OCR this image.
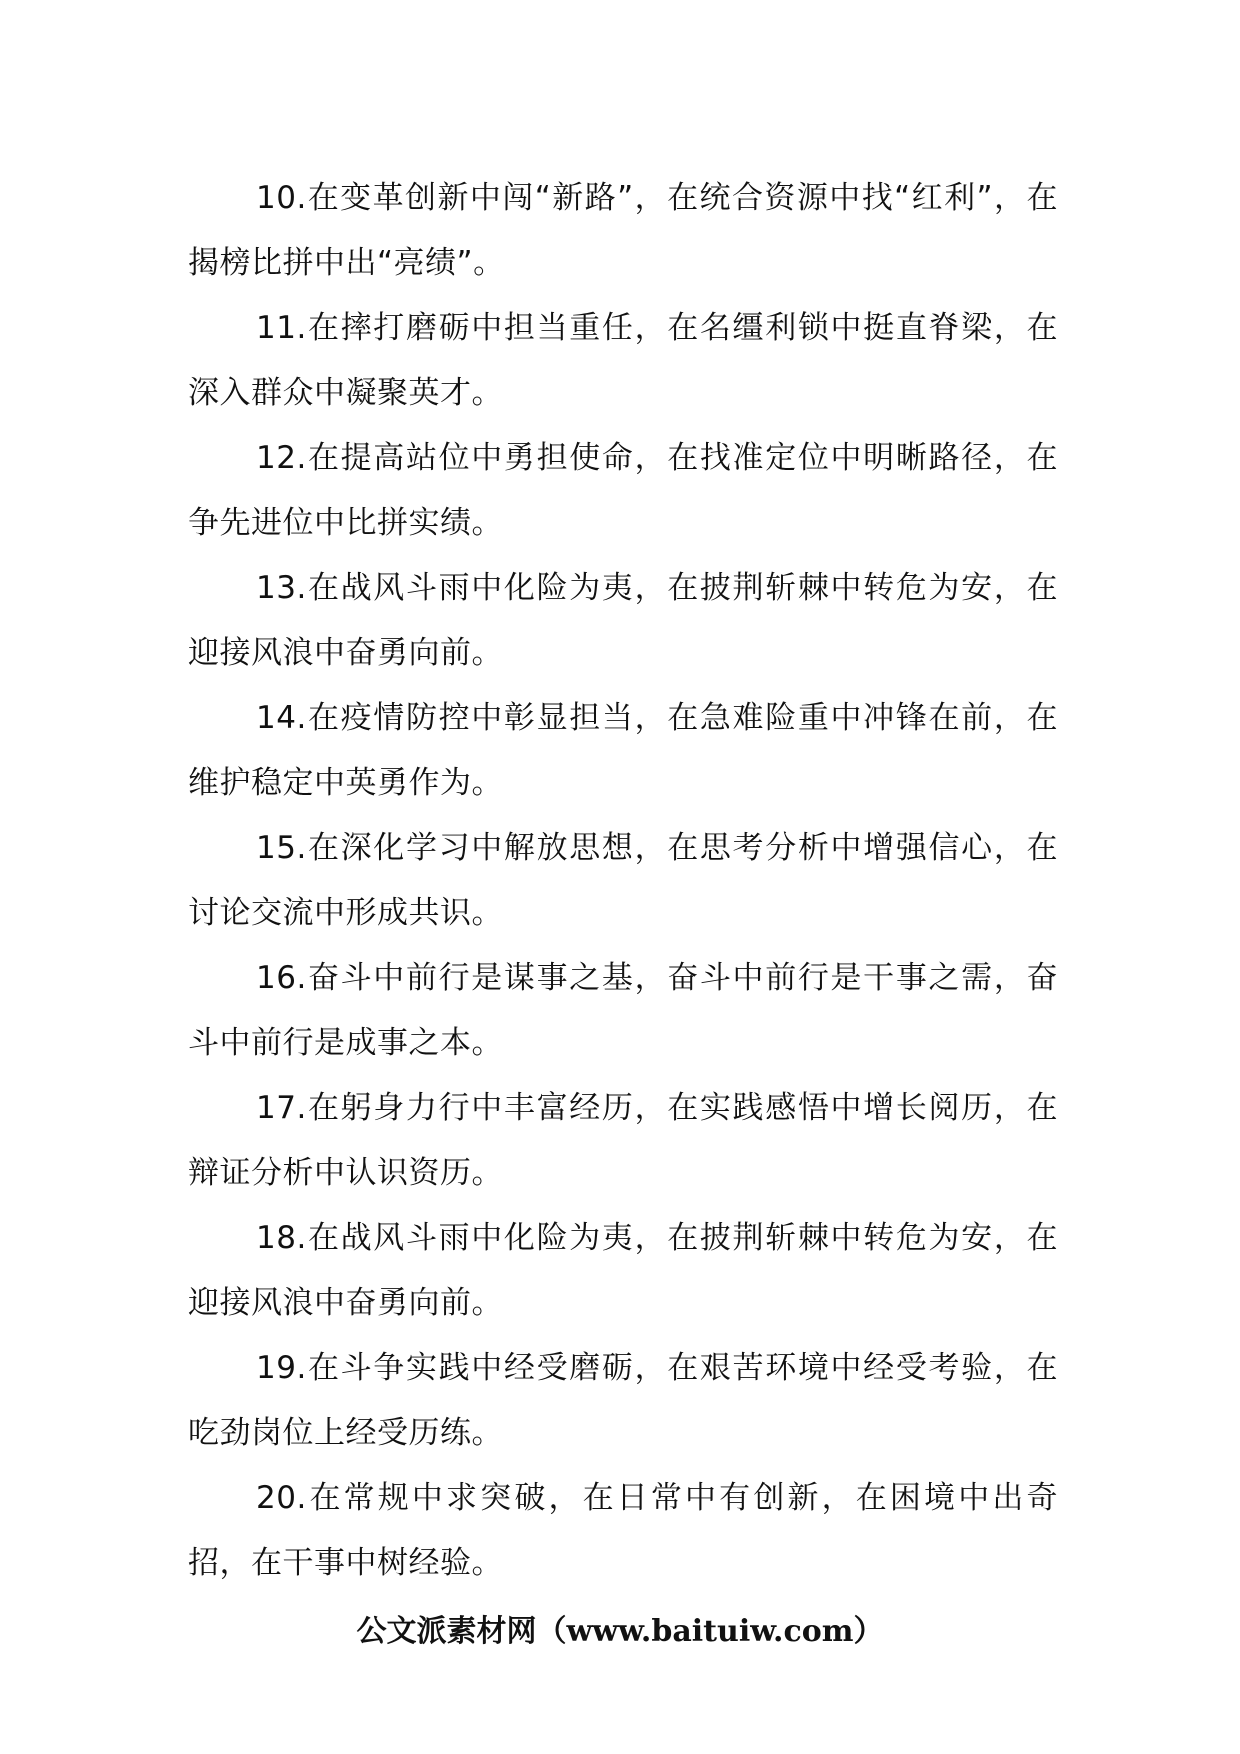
10.在变革创新中闯“新路”，在统合资源中找“红利”，在揭榜比拼中出“亮绩”。

11.在摔打磨砺中担当重任，在名缰利锁中挺直脊梁，在深入群众中凝聚英才。

12.在提高站位中勇担使命，在找准定位中明晰路径，在争先进位中比拼实绩。

13.在战风斗雨中化险为夷，在披荆斩棘中转危为安，在迎接风浪中奋勇向前。

14.在疫情防控中彰显担当，在急难险重中冲锋在前，在维护稳定中英勇作为。

15.在深化学习中解放思想，在思考分析中增强信心，在讨论交流中形成共识。

16.奋斗中前行是谋事之基，奋斗中前行是干事之需，奋斗中前行是成事之本。

17.在躬身力行中丰富经历，在实践感悟中增长阅历，在辩证分析中认识资历。

18.在战风斗雨中化险为夷，在披荆斩棘中转危为安，在迎接风浪中奋勇向前。

19.在斗争实践中经受磨砺，在艰苦环境中经受考验，在吃劲岗位上经受历练。

20.在常规中求突破，在日常中有创新，在困境中出奇招，在干事中树经验。

公文派素材网（www.baituiw.com）
